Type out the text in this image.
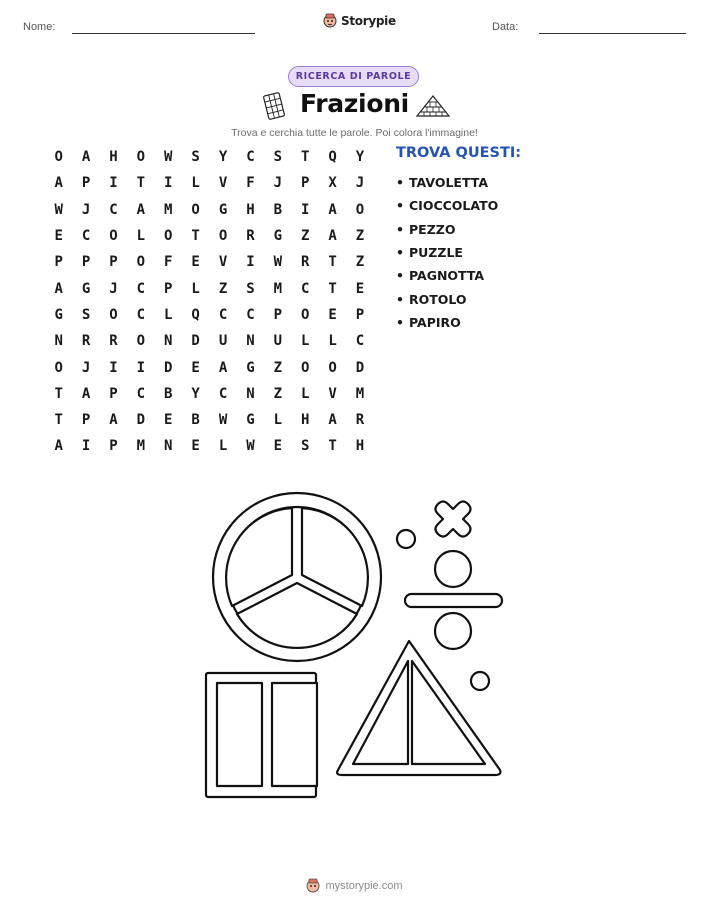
Nome:	Storypie	Data:
RICERCA DI PAROLE
Frazioni
Trova e cerchia tutte le parole. Poi colora l'immagine!
O	A	H	O	W	S	Y	C	S	T	Q	Y
A	P	I	T	I	L	V	F	J	P	X	J
W	J	C	A	M	O	G	H	B	I	A	O
E	C	O	L	O	T	O	R	G	Z	A	Z
P	P	P	O	F	E	V	I	W	R	T	Z
A	G	J	C	P	L	Z	S	M	C	T	E
G	S	O	C	L	Q	C	C	P	O	E	P
N	R	R	O	N	D	U	N	U	L	L	C
O	J	I	I	D	E	A	G	Z	O	O	D
T	A	P	C	B	Y	C	N	Z	L	V	M
T	P	A	D	E	B	W	G	L	H	A	R
A	I	P	M	N	E	L	W	E	S	T	H
TROVA QUESTI:
• TAVOLETTA
• CIOCCOLATO
• PEZZO
• PUZZLE
• PAGNOTTA
• ROTOLO
• PAPIRO
mystorypie.com
